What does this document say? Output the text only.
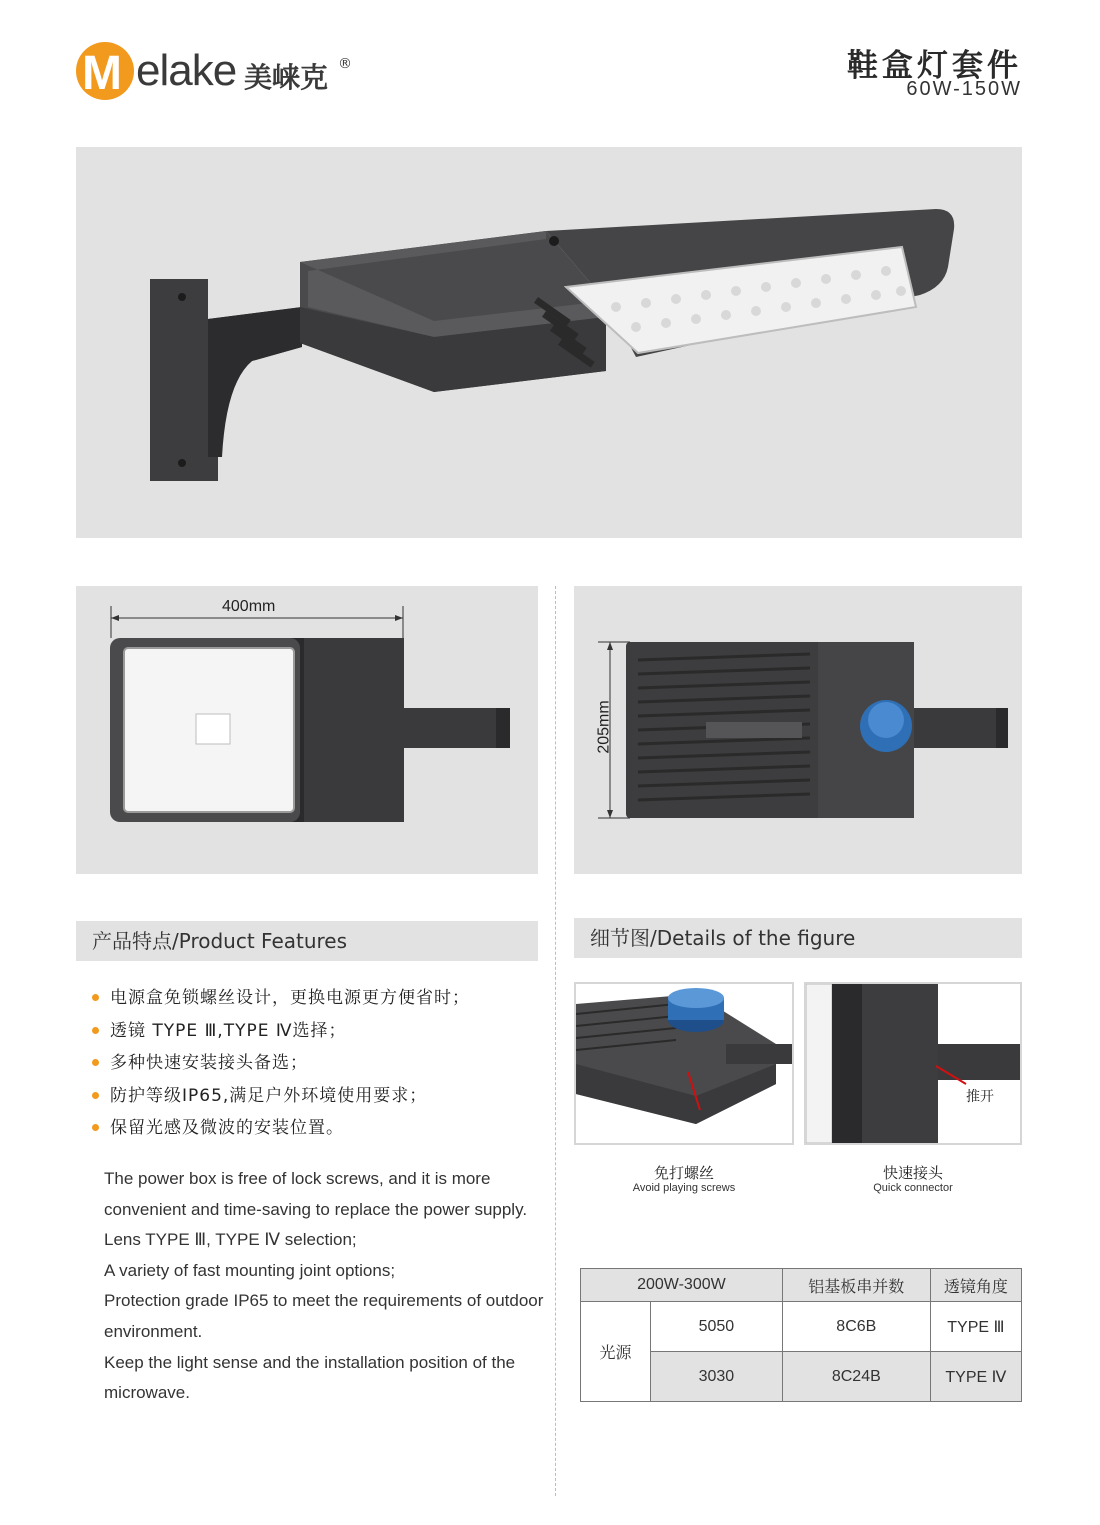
M elake 美崃克 ®	鞋盒灯套件
60W-150W
400mm
205mm
产品特点/Product Features
电源盒免锁螺丝设计，更换电源更方便省时；
透镜 TYPE Ⅲ,TYPE Ⅳ选择；
多种快速安装接头备选；
防护等级IP65,满足户外环境使用要求；
保留光感及微波的安装位置。

The power box is free of lock screws, and it is more convenient and time-saving to replace the power supply.

Lens TYPE Ⅲ, TYPE Ⅳ selection;

A variety of fast mounting joint options;

Protection grade IP65 to meet the requirements of outdoor environment.

Keep the light sense and the installation position of the microwave.

细节图/Details of the figure
推开
免打螺丝
Avoid playing screws
快速接头
Quick connector
200W-300W		铝基板串并数	透镜角度
光源	5050	8C6B	TYPE Ⅲ
	3030	8C24B	TYPE Ⅳ
